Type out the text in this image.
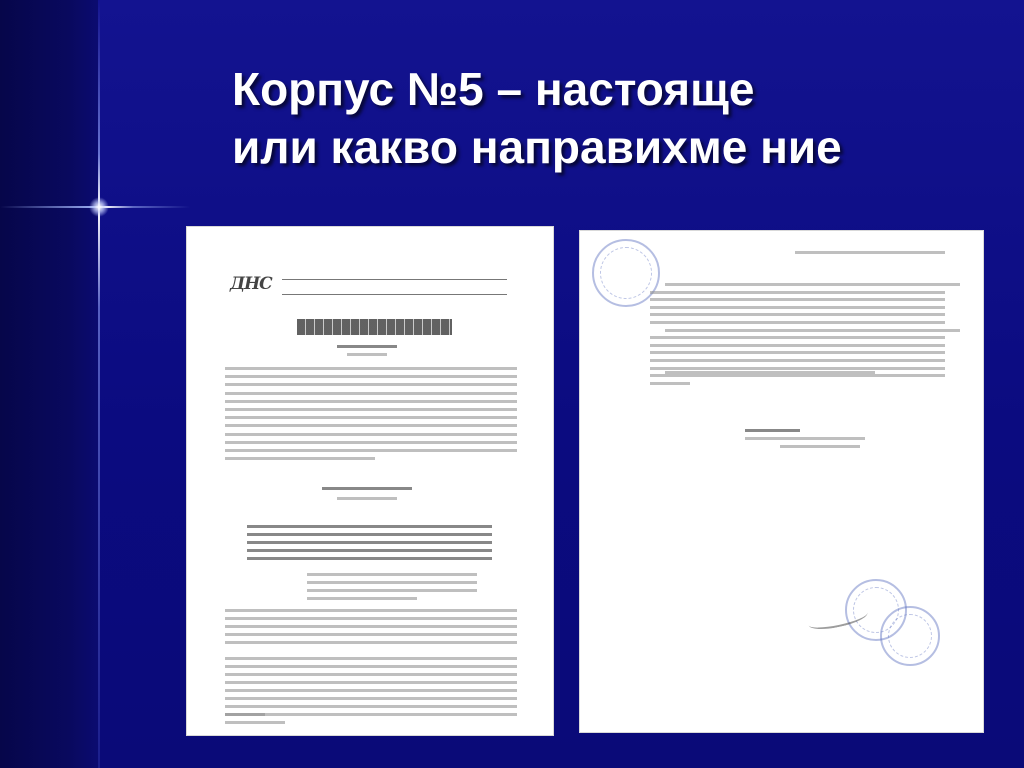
Корпус №5 – настояще
или какво направихме ние
ДНС
